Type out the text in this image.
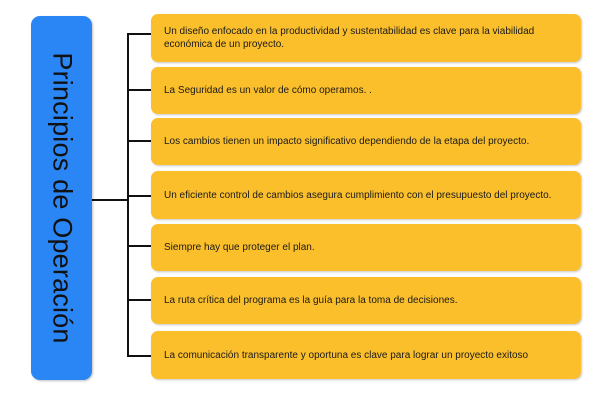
Principios de Operación
Un diseño enfocado en la productividad y sustentabilidad es clave para la viabilidad económica de un proyecto.
La Seguridad es un valor de cómo operamos. .
Los cambios tienen un impacto significativo dependiendo de la etapa del proyecto.
Un eficiente control de cambios asegura cumplimiento con el presupuesto del proyecto.
Siempre hay que proteger el plan.
La ruta crítica del programa es la guía para la toma de decisiones.
La comunicación transparente y oportuna es clave para lograr un proyecto exitoso
